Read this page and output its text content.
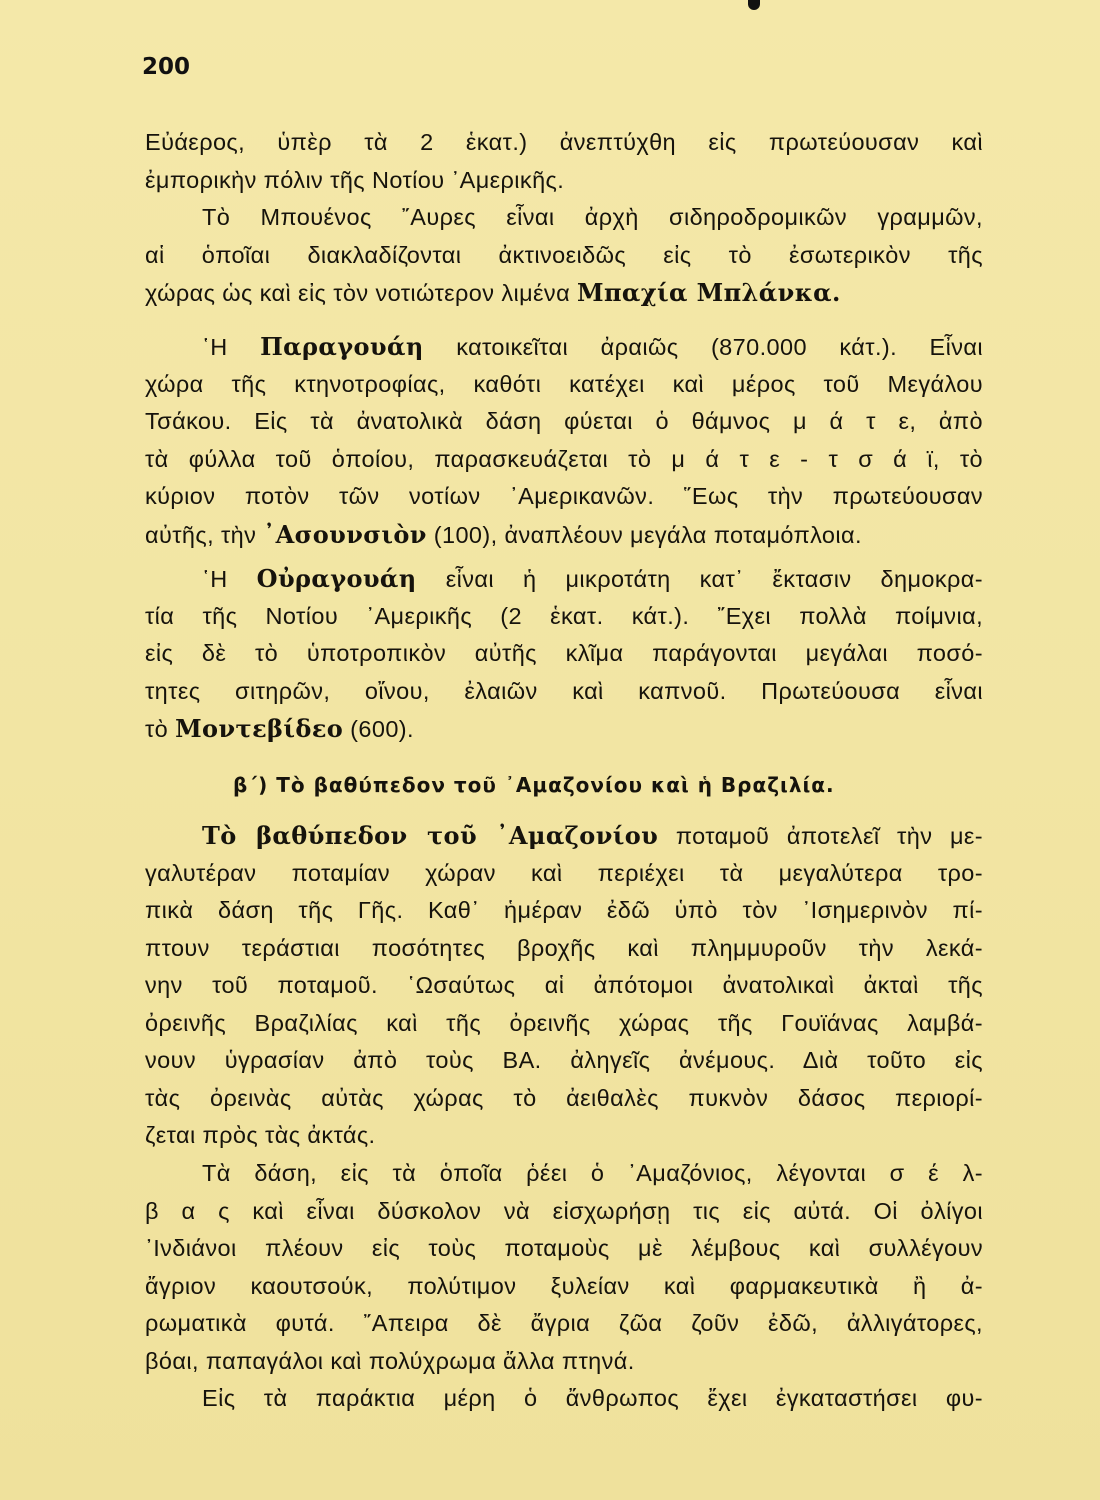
200
Εὐάερος, ὑπὲρ τὰ 2 ἑκατ.) ἀνεπτύχθη εἰς πρωτεύουσαν καὶ
ἐμπορικὴν πόλιν τῆς Νοτίου ᾿Αμερικῆς.
Τὸ Μπουένος ῎Αυρες εἶναι ἀρχὴ σιδηροδρομικῶν γραμμῶν,
αἱ ὁποῖαι διακλαδίζονται ἀκτινοειδῶς εἰς τὸ ἐσωτερικὸν τῆς
χώρας ὡς καὶ εἰς τὸν νοτιώτερον λιμένα Μπαχία Μπλάνκα.
῾Η Παραγουάη κατοικεῖται ἀραιῶς (870.000 κάτ.). Εἶναι
χώρα τῆς κτηνοτροφίας, καθότι κατέχει καὶ μέρος τοῦ Μεγάλου
Τσάκου. Εἰς τὰ ἀνατολικὰ δάση φύεται ὁ θάμνος μ ά τ ε, ἀπὸ
τὰ φύλλα τοῦ ὁποίου, παρασκευάζεται τὸ μ ά τ ε - τ σ ά ϊ, τὸ
κύριον ποτὸν τῶν νοτίων ᾿Αμερικανῶν. ῞Εως τὴν πρωτεύουσαν
αὐτῆς, τὴν ᾿Ασουνσιὸν (100), ἀναπλέουν μεγάλα ποταμόπλοια.
῾Η Οὐραγουάη εἶναι ἡ μικροτάτη κατ᾿ ἔκτασιν δημοκρα-
τία τῆς Νοτίου ᾿Αμερικῆς (2 ἑκατ. κάτ.). ῎Εχει πολλὰ ποίμνια,
εἰς δὲ τὸ ὑποτροπικὸν αὐτῆς κλῖμα παράγονται μεγάλαι ποσό-
τητες σιτηρῶν, οἴνου, ἐλαιῶν καὶ καπνοῦ. Πρωτεύουσα εἶναι
τὸ Μοντεβίδεο (600).
β΄) Τὸ βαθύπεδον τοῦ ᾿Αμαζονίου καὶ ἡ Βραζιλία.
Τὸ βαθύπεδον τοῦ ᾿Αμαζονίου ποταμοῦ ἀποτελεῖ τὴν με-
γαλυτέραν ποταμίαν χώραν καὶ περιέχει τὰ μεγαλύτερα τρο-
πικὰ δάση τῆς Γῆς. Καθ᾿ ἡμέραν ἐδῶ ὑπὸ τὸν ᾿Ισημερινὸν πί-
πτουν τεράστιαι ποσότητες βροχῆς καὶ πλημμυροῦν τὴν λεκά-
νην τοῦ ποταμοῦ. ῾Ωσαύτως αἱ ἀπότομοι ἀνατολικαὶ ἀκταὶ τῆς
ὀρεινῆς Βραζιλίας καὶ τῆς ὀρεινῆς χώρας τῆς Γουϊάνας λαμβά-
νουν ὑγρασίαν ἀπὸ τοὺς ΒΑ. ἀληγεῖς ἀνέμους. Διὰ τοῦτο εἰς
τὰς ὀρεινὰς αὐτὰς χώρας τὸ ἀειθαλὲς πυκνὸν δάσος περιορί-
ζεται πρὸς τὰς ἀκτάς.
Τὰ δάση, εἰς τὰ ὁποῖα ῥέει ὁ ᾿Αμαζόνιος, λέγονται σ έ λ-
β α ς καὶ εἶναι δύσκολον νὰ εἰσχωρήσῃ τις εἰς αὐτά. Οἱ ὀλίγοι
᾿Ινδιάνοι πλέουν εἰς τοὺς ποταμοὺς μὲ λέμβους καὶ συλλέγουν
ἄγριον καουτσούκ, πολύτιμον ξυλείαν καὶ φαρμακευτικὰ ἢ ἀ-
ρωματικὰ φυτά. ῎Απειρα δὲ ἄγρια ζῶα ζοῦν ἐδῶ, ἀλλιγάτορες,
βόαι, παπαγάλοι καὶ πολύχρωμα ἄλλα πτηνά.
Εἰς τὰ παράκτια μέρη ὁ ἄνθρωπος ἔχει ἐγκαταστήσει φυ-
